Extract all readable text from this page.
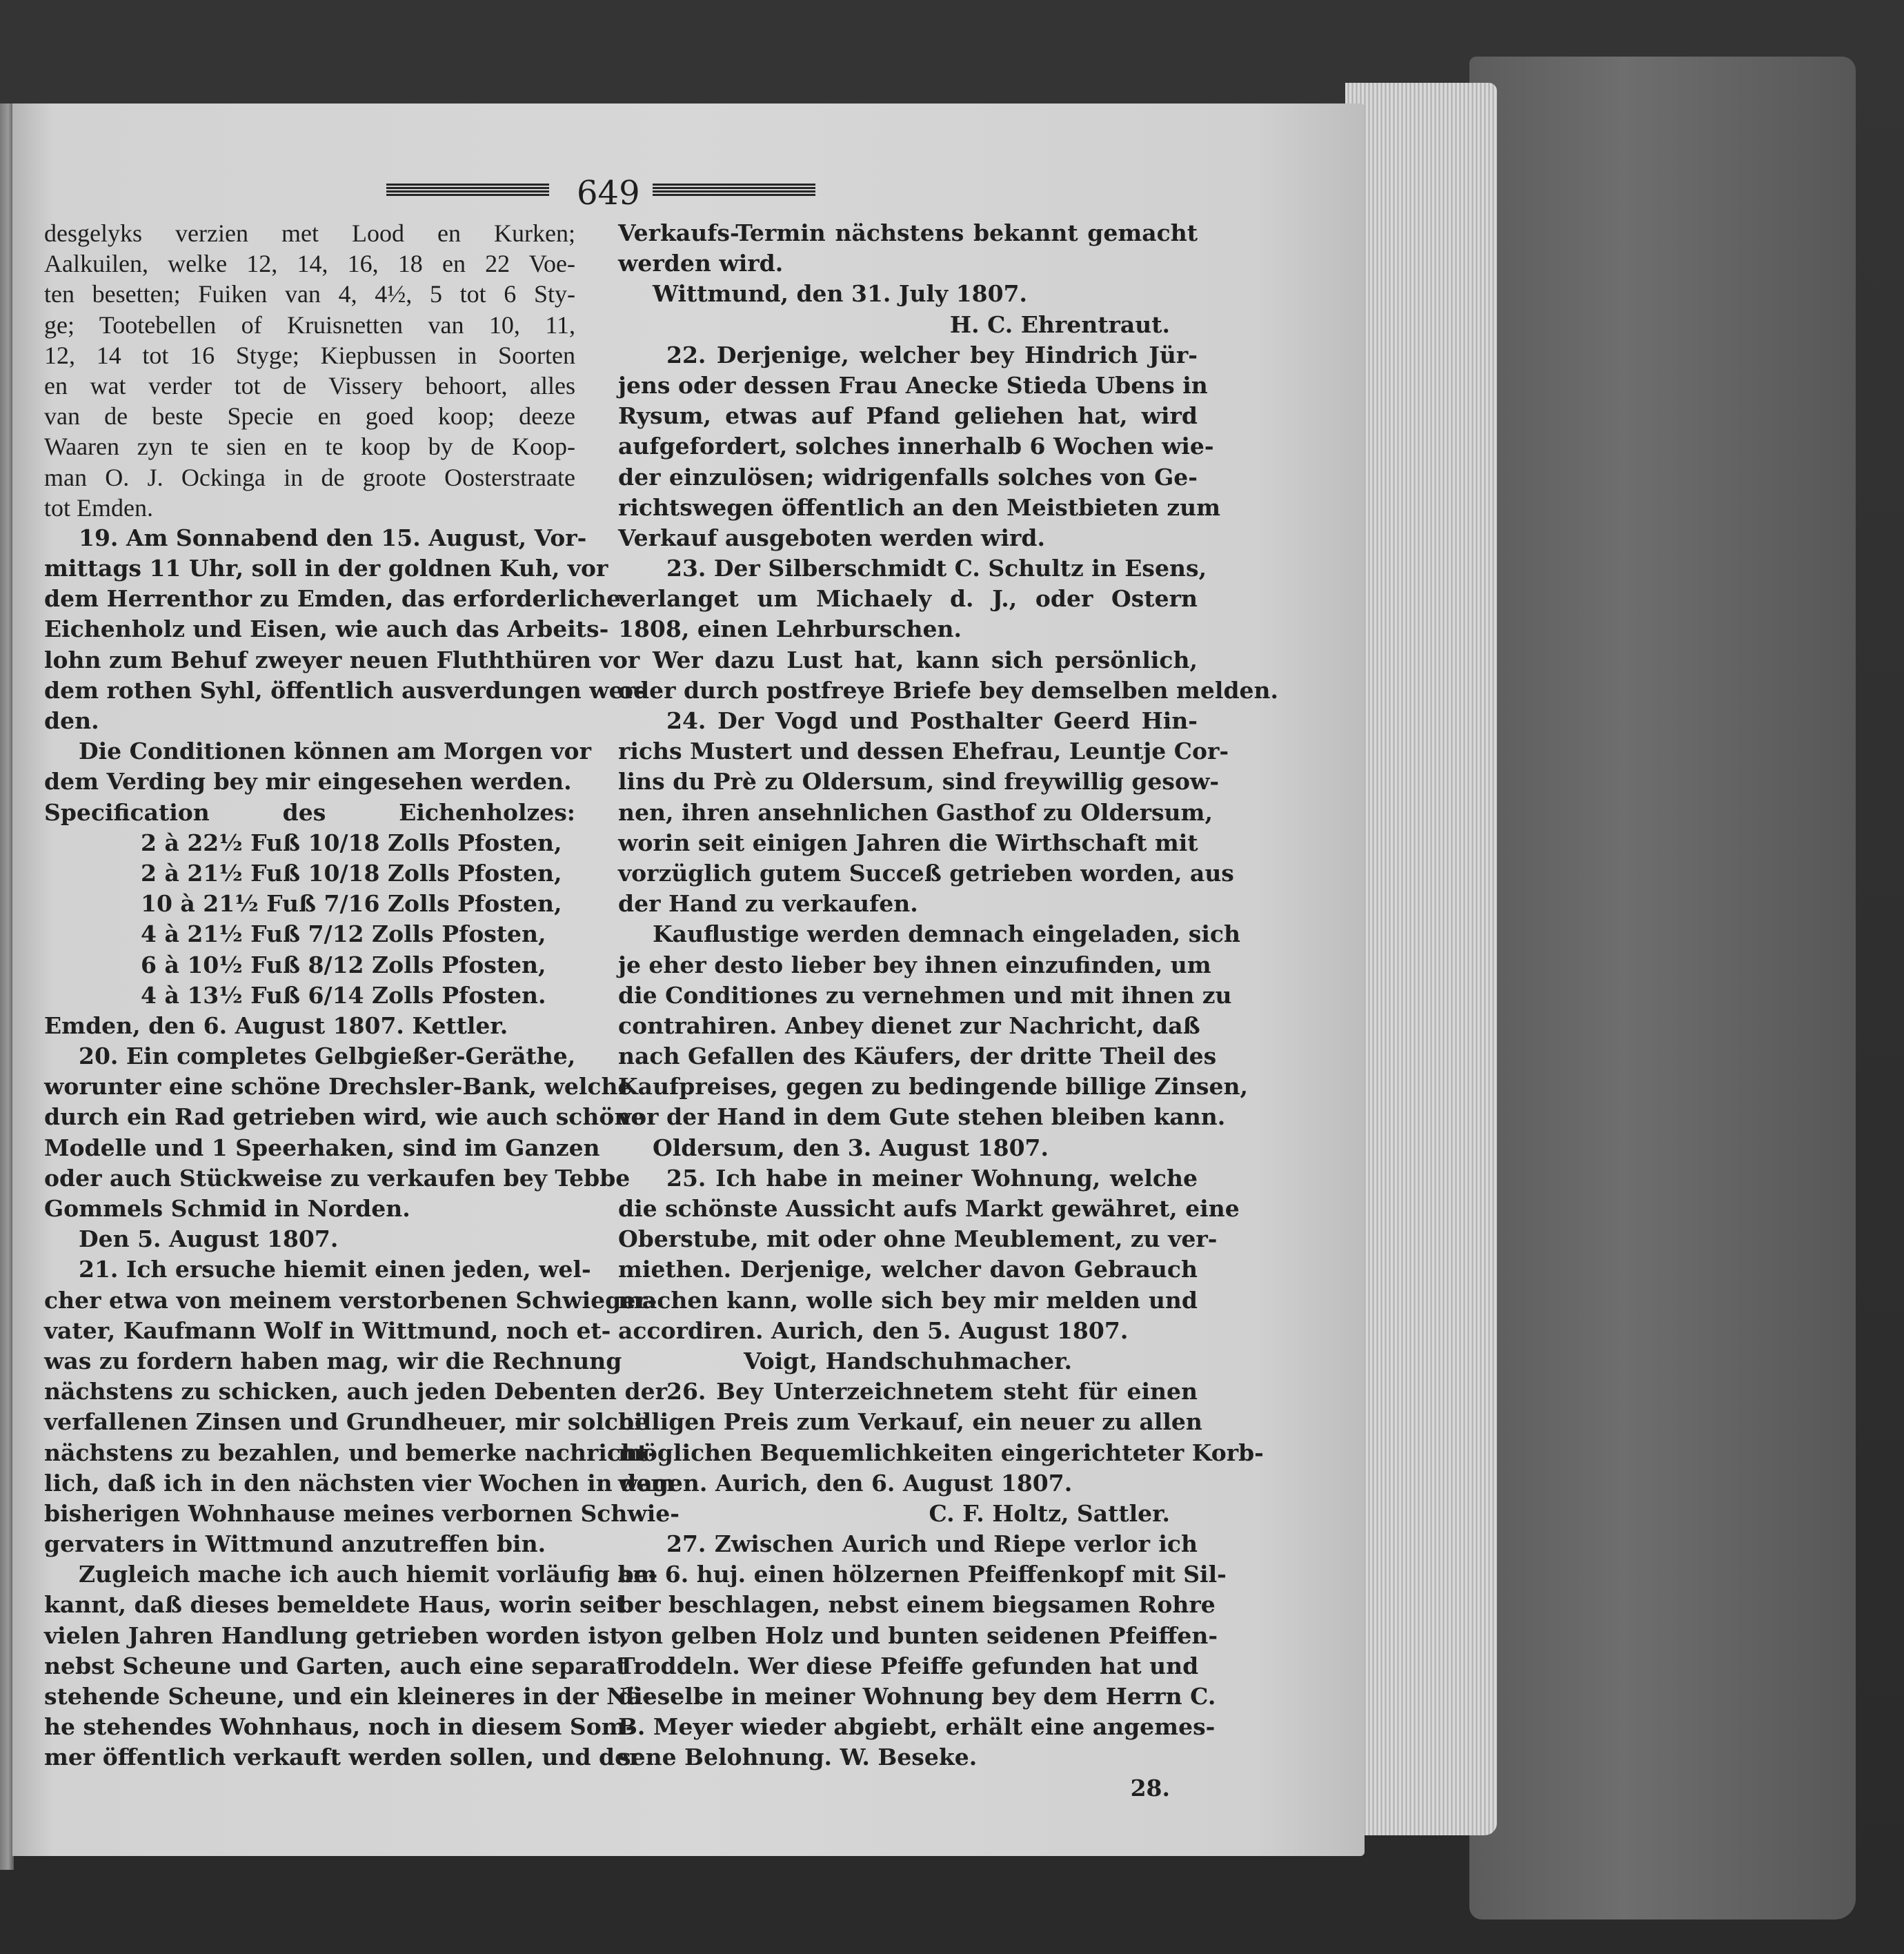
649
desgelyks verzien met Lood en Kurken;
Aalkuilen, welke 12, 14, 16, 18 en 22 Voe-
ten besetten; Fuiken van 4, 4½, 5 tot 6 Sty-
ge; Tootebellen of Kruisnetten van 10, 11,
12, 14 tot 16 Styge; Kiepbussen in Soorten
en wat verder tot de Vissery behoort, alles
van de beste Specie en goed koop; deeze
Waaren zyn te sien en te koop by de Koop-
man O. J. Ockinga in de groote Oosterstraate
tot Emden.
19. Am Sonnabend den 15. August, Vor-
mittags 11 Uhr, soll in der goldnen Kuh, vor
dem Herrenthor zu Emden, das erforderliche
Eichenholz und Eisen, wie auch das Arbeits-
lohn zum Behuf zweyer neuen Fluththüren vor
dem rothen Syhl, öffentlich ausverdungen wer-
den.
Die Conditionen können am Morgen vor
dem Verding bey mir eingesehen werden.
Specification des Eichenholzes:
2 à 22½ Fuß 10/18 Zolls Pfosten,
2 à 21½ Fuß 10/18 Zolls Pfosten,
10 à 21½ Fuß 7/16 Zolls Pfosten,
4 à 21½ Fuß 7/12 Zolls Pfosten,
6 à 10½ Fuß 8/12 Zolls Pfosten,
4 à 13½ Fuß 6/14 Zolls Pfosten.
Emden, den 6. August 1807. Kettler.
20. Ein completes Gelbgießer-Geräthe,
worunter eine schöne Drechsler-Bank, welche
durch ein Rad getrieben wird, wie auch schöne
Modelle und 1 Speerhaken, sind im Ganzen
oder auch Stückweise zu verkaufen bey Tebbe
Gommels Schmid in Norden.
Den 5. August 1807.
21. Ich ersuche hiemit einen jeden, wel-
cher etwa von meinem verstorbenen Schwieger-
vater, Kaufmann Wolf in Wittmund, noch et-
was zu fordern haben mag, wir die Rechnung
nächstens zu schicken, auch jeden Debenten der
verfallenen Zinsen und Grundheuer, mir solche
nächstens zu bezahlen, und bemerke nachricht-
lich, daß ich in den nächsten vier Wochen in dem
bisherigen Wohnhause meines verbornen Schwie-
gervaters in Wittmund anzutreffen bin.
Zugleich mache ich auch hiemit vorläufig be-
kannt, daß dieses bemeldete Haus, worin seit
vielen Jahren Handlung getrieben worden ist,
nebst Scheune und Garten, auch eine separat
stehende Scheune, und ein kleineres in der Nä-
he stehendes Wohnhaus, noch in diesem Som-
mer öffentlich verkauft werden sollen, und der
Verkaufs-Termin nächstens bekannt gemacht
werden wird.
Wittmund, den 31. July 1807.
H. C. Ehrentraut.
22. Derjenige, welcher bey Hindrich Jür-
jens oder dessen Frau Anecke Stieda Ubens in
Rysum, etwas auf Pfand geliehen hat, wird
aufgefordert, solches innerhalb 6 Wochen wie-
der einzulösen; widrigenfalls solches von Ge-
richtswegen öffentlich an den Meistbieten zum
Verkauf ausgeboten werden wird.
23. Der Silberschmidt C. Schultz in Esens,
verlanget um Michaely d. J., oder Ostern
1808, einen Lehrburschen.
Wer dazu Lust hat, kann sich persönlich,
oder durch postfreye Briefe bey demselben melden.
24. Der Vogd und Posthalter Geerd Hin-
richs Mustert und dessen Ehefrau, Leuntje Cor-
lins du Prè zu Oldersum, sind freywillig gesow-
nen, ihren ansehnlichen Gasthof zu Oldersum,
worin seit einigen Jahren die Wirthschaft mit
vorzüglich gutem Succeß getrieben worden, aus
der Hand zu verkaufen.
Kauflustige werden demnach eingeladen, sich
je eher desto lieber bey ihnen einzufinden, um
die Conditiones zu vernehmen und mit ihnen zu
contrahiren. Anbey dienet zur Nachricht, daß
nach Gefallen des Käufers, der dritte Theil des
Kaufpreises, gegen zu bedingende billige Zinsen,
vor der Hand in dem Gute stehen bleiben kann.
Oldersum, den 3. August 1807.
25. Ich habe in meiner Wohnung, welche
die schönste Aussicht aufs Markt gewähret, eine
Oberstube, mit oder ohne Meublement, zu ver-
miethen. Derjenige, welcher davon Gebrauch
machen kann, wolle sich bey mir melden und
accordiren. Aurich, den 5. August 1807.
Voigt, Handschuhmacher.
26. Bey Unterzeichnetem steht für einen
billigen Preis zum Verkauf, ein neuer zu allen
möglichen Bequemlichkeiten eingerichteter Korb-
wagen. Aurich, den 6. August 1807.
C. F. Holtz, Sattler.
27. Zwischen Aurich und Riepe verlor ich
am 6. huj. einen hölzernen Pfeiffenkopf mit Sil-
ber beschlagen, nebst einem biegsamen Rohre
von gelben Holz und bunten seidenen Pfeiffen-
Troddeln. Wer diese Pfeiffe gefunden hat und
dieselbe in meiner Wohnung bey dem Herrn C.
B. Meyer wieder abgiebt, erhält eine angemes-
sene Belohnung. W. Beseke.
28.
